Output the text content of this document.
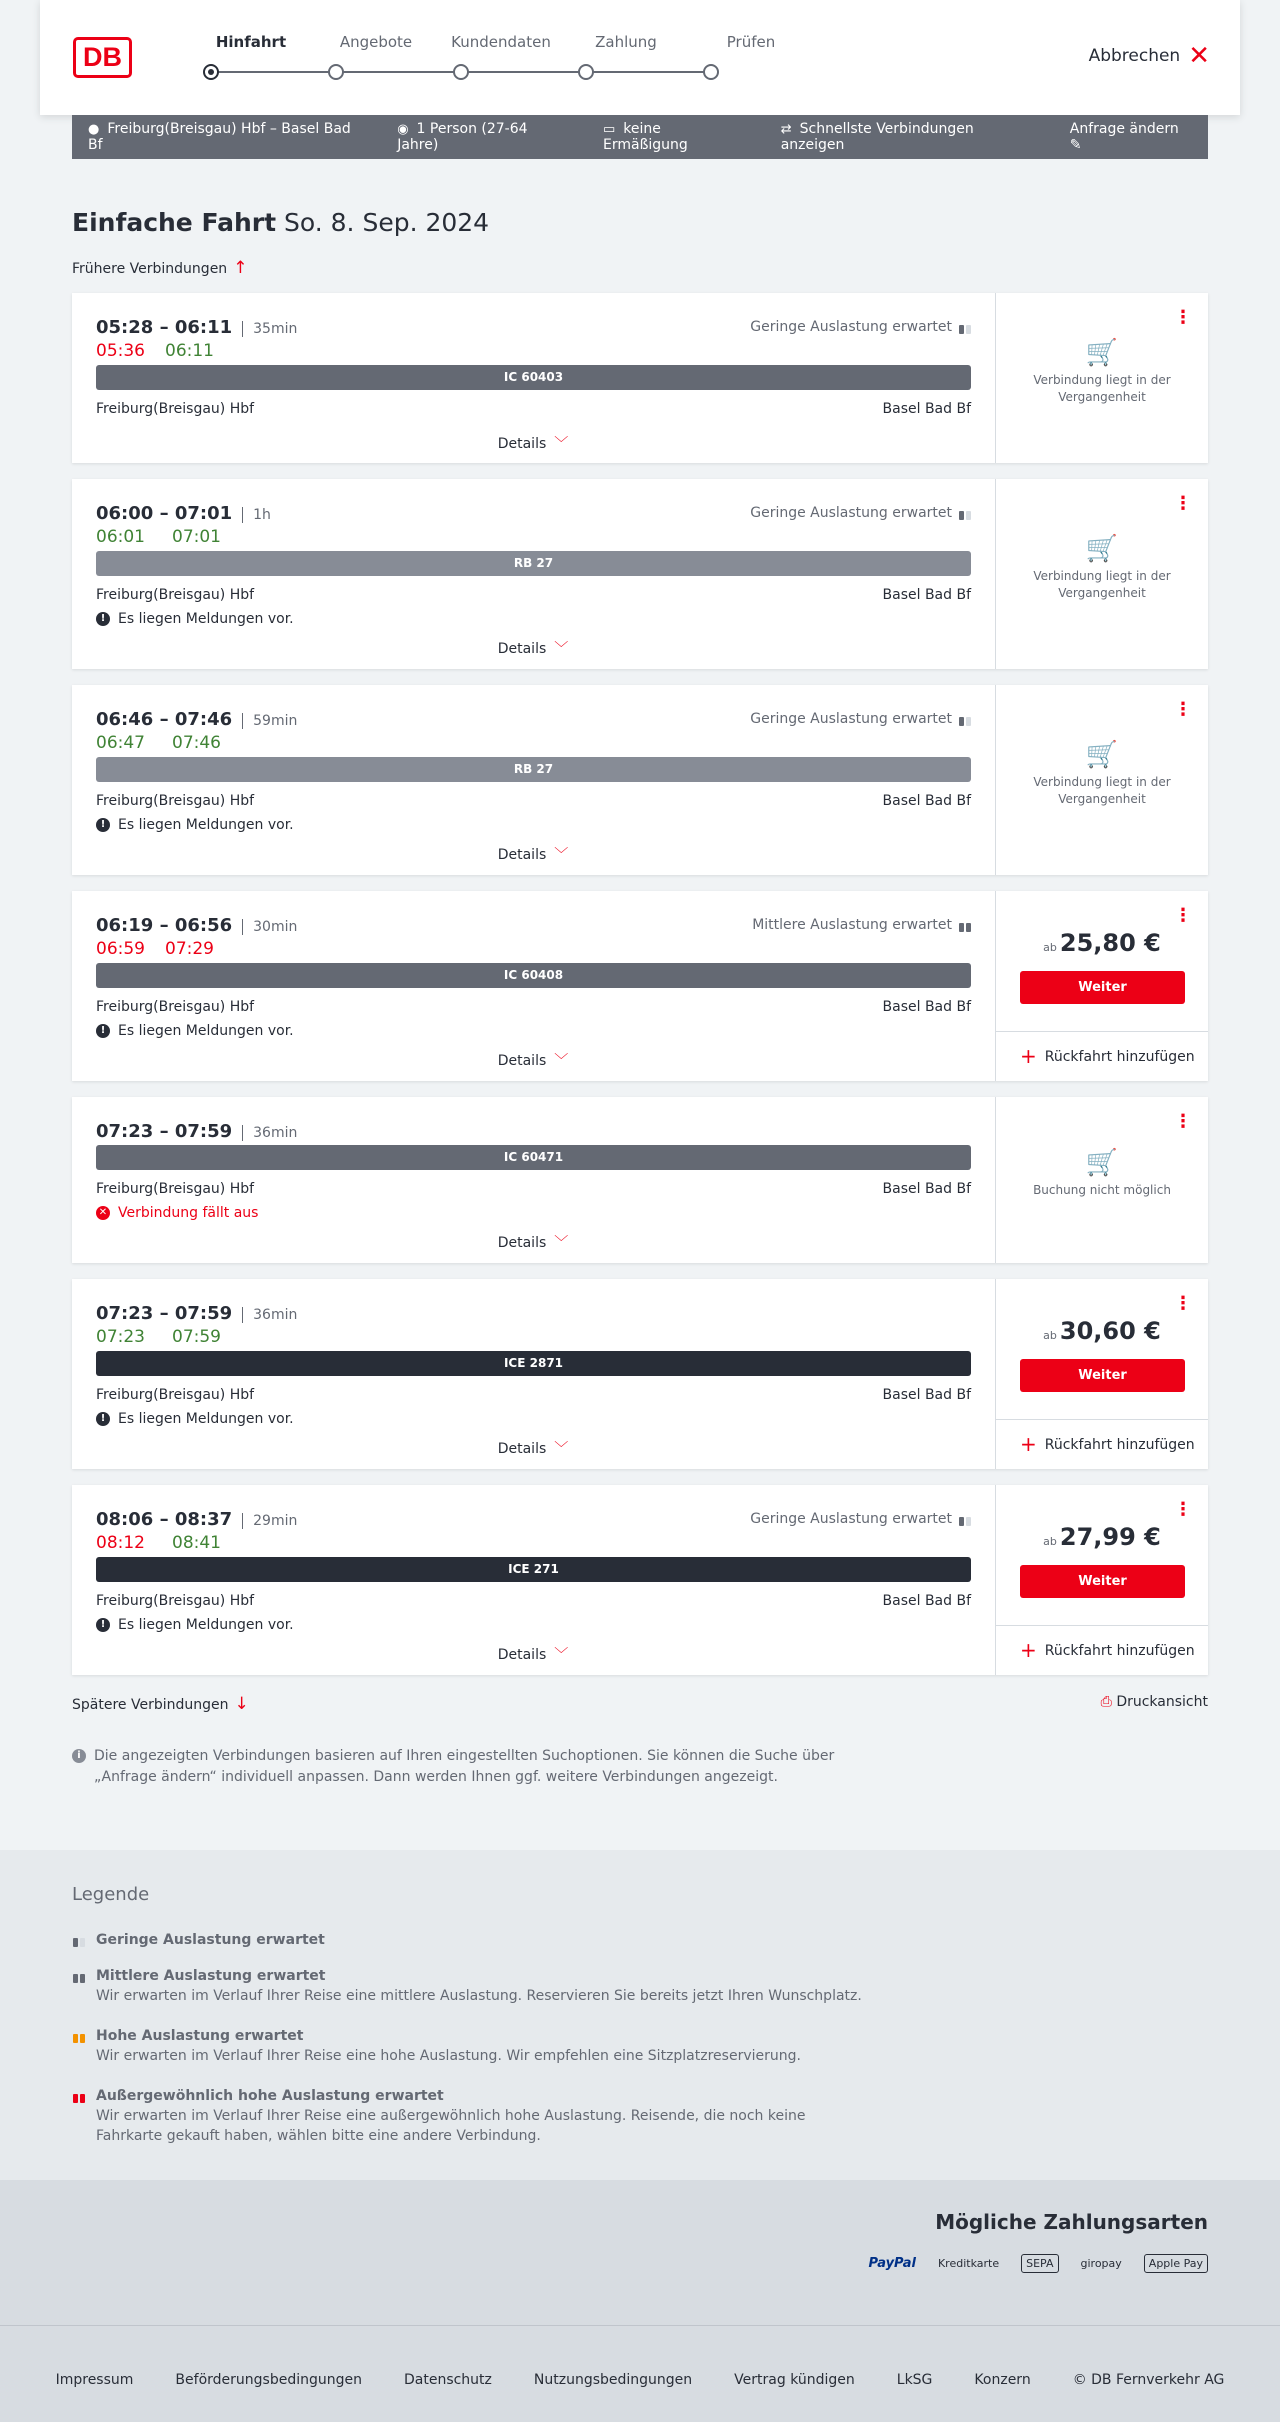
DB	Hinfahrt	Angebote	Kundendaten	Zahlung	Prüfen
Abbrechen ✕
● Freiburg(Breisgau) Hbf – Basel Bad Bf
◉ 1 Person (27-64 Jahre)
▭ keine Ermäßigung
⇄ Schnellste Verbindungen anzeigen
Anfrage ändern ✎
Einfache Fahrt So. 8. Sep. 2024
Frühere Verbindungen ↑
05:28 – 06:11 35min
05:36 06:11
Geringe Auslastung erwartet
IC 60403
Freiburg(Breisgau) Hbf	Basel Bad Bf
Details ﹀
⋮
🛒
Verbindung liegt in der Vergangenheit
06:00 – 07:01 1h
06:01 07:01
Geringe Auslastung erwartet
RB 27
Freiburg(Breisgau) Hbf	Basel Bad Bf
! Es liegen Meldungen vor.
Details ﹀
⋮
🛒
Verbindung liegt in der Vergangenheit
06:46 – 07:46 59min
06:47 07:46
Geringe Auslastung erwartet
RB 27
Freiburg(Breisgau) Hbf	Basel Bad Bf
! Es liegen Meldungen vor.
Details ﹀
⋮
🛒
Verbindung liegt in der Vergangenheit
06:19 – 06:56 30min
06:59 07:29
Mittlere Auslastung erwartet
IC 60408
Freiburg(Breisgau) Hbf	Basel Bad Bf
! Es liegen Meldungen vor.
Details ﹀
⋮
ab 25,80 €
Weiter
+ Rückfahrt hinzufügen
07:23 – 07:59 36min
IC 60471
Freiburg(Breisgau) Hbf	Basel Bad Bf
✕ Verbindung fällt aus
Details ﹀
⋮
🛒
Buchung nicht möglich
07:23 – 07:59 36min
07:23 07:59
ICE 2871
Freiburg(Breisgau) Hbf	Basel Bad Bf
! Es liegen Meldungen vor.
Details ﹀
⋮
ab 30,60 €
Weiter
+ Rückfahrt hinzufügen
08:06 – 08:37 29min
08:12 08:41
Geringe Auslastung erwartet
ICE 271
Freiburg(Breisgau) Hbf	Basel Bad Bf
! Es liegen Meldungen vor.
Details ﹀
⋮
ab 27,99 €
Weiter
+ Rückfahrt hinzufügen
Spätere Verbindungen ↓	⎙ Druckansicht
i Die angezeigten Verbindungen basieren auf Ihren eingestellten Suchoptionen. Sie können die Suche über „Anfrage ändern“ individuell anpassen. Dann werden Ihnen ggf. weitere Verbindungen angezeigt.
Legende
Geringe Auslastung erwartet
Mittlere Auslastung erwartet
Wir erwarten im Verlauf Ihrer Reise eine mittlere Auslastung. Reservieren Sie bereits jetzt Ihren Wunschplatz.
Hohe Auslastung erwartet
Wir erwarten im Verlauf Ihrer Reise eine hohe Auslastung. Wir empfehlen eine Sitzplatzreservierung.
Außergewöhnlich hohe Auslastung erwartet
Wir erwarten im Verlauf Ihrer Reise eine außergewöhnlich hohe Auslastung. Reisende, die noch keine Fahrkarte gekauft haben, wählen bitte eine andere Verbindung.
Mögliche Zahlungsarten
PayPal Kreditkarte	SEPA	giropay	Apple Pay
Impressum	Beförderungsbedingungen	Datenschutz	Nutzungsbedingungen	Vertrag kündigen	LkSG	Konzern	© DB Fernverkehr AG
